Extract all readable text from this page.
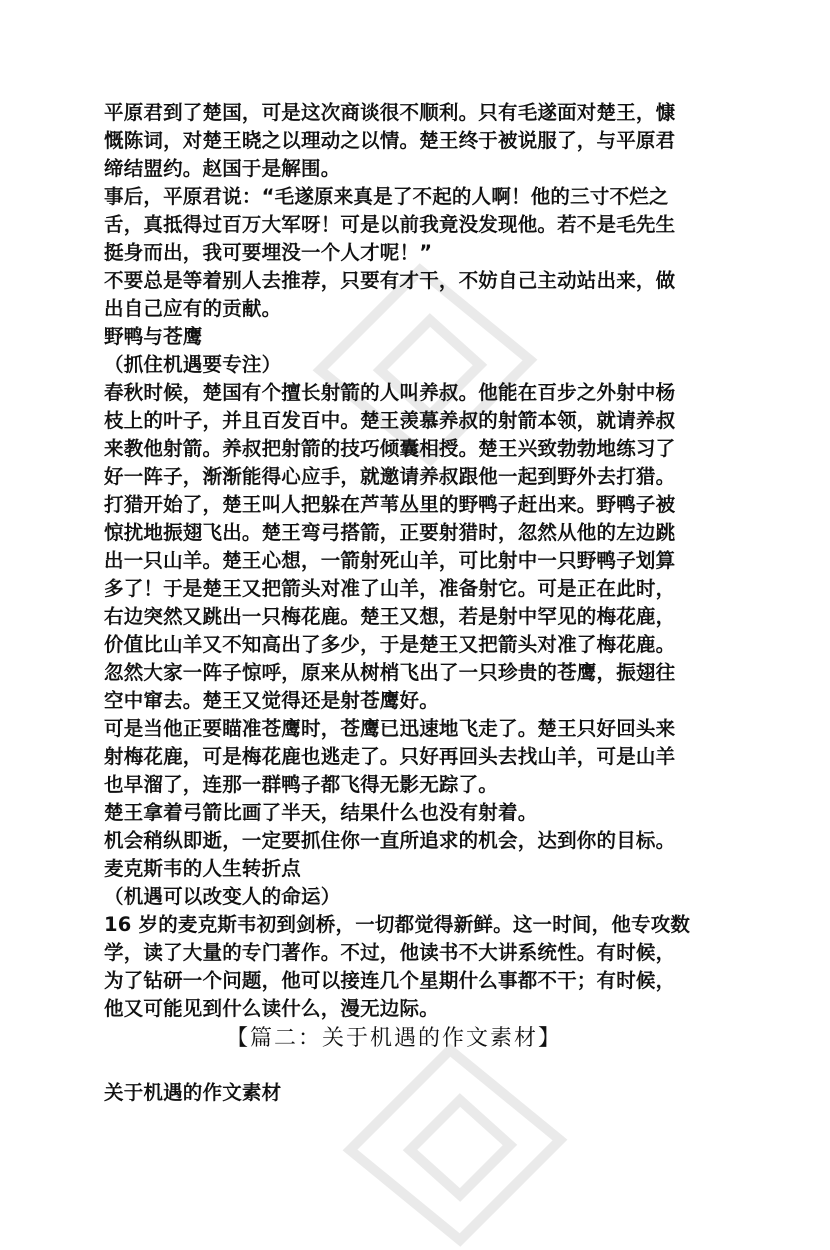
平原君到了楚国，可是这次商谈很不顺利。只有毛遂面对楚王，慷
慨陈词，对楚王晓之以理动之以情。楚王终于被说服了，与平原君
缔结盟约。赵国于是解围。
事后，平原君说：“毛遂原来真是了不起的人啊！他的三寸不烂之
舌，真抵得过百万大军呀！可是以前我竟没发现他。若不是毛先生
挺身而出，我可要埋没一个人才呢！”
不要总是等着别人去推荐，只要有才干，不妨自己主动站出来，做
出自己应有的贡献。
野鸭与苍鹰
（抓住机遇要专注）
春秋时候，楚国有个擅长射箭的人叫养叔。他能在百步之外射中杨
枝上的叶子，并且百发百中。楚王羡慕养叔的射箭本领，就请养叔
来教他射箭。养叔把射箭的技巧倾囊相授。楚王兴致勃勃地练习了
好一阵子，渐渐能得心应手，就邀请养叔跟他一起到野外去打猎。
打猎开始了，楚王叫人把躲在芦苇丛里的野鸭子赶出来。野鸭子被
惊扰地振翅飞出。楚王弯弓搭箭，正要射猎时，忽然从他的左边跳
出一只山羊。楚王心想，一箭射死山羊，可比射中一只野鸭子划算
多了！于是楚王又把箭头对准了山羊，准备射它。可是正在此时，
右边突然又跳出一只梅花鹿。楚王又想，若是射中罕见的梅花鹿，
价值比山羊又不知高出了多少，于是楚王又把箭头对准了梅花鹿。
忽然大家一阵子惊呼，原来从树梢飞出了一只珍贵的苍鹰，振翅往
空中窜去。楚王又觉得还是射苍鹰好。
可是当他正要瞄准苍鹰时，苍鹰已迅速地飞走了。楚王只好回头来
射梅花鹿，可是梅花鹿也逃走了。只好再回头去找山羊，可是山羊
也早溜了，连那一群鸭子都飞得无影无踪了。
楚王拿着弓箭比画了半天，结果什么也没有射着。
机会稍纵即逝，一定要抓住你一直所追求的机会，达到你的目标。
麦克斯韦的人生转折点
（机遇可以改变人的命运）
16 岁的麦克斯韦初到剑桥，一切都觉得新鲜。这一时间，他专攻数
学，读了大量的专门著作。不过，他读书不大讲系统性。有时候，
为了钻研一个问题，他可以接连几个星期什么事都不干；有时候，
他又可能见到什么读什么，漫无边际。
【篇二：关于机遇的作文素材】
关于机遇的作文素材
